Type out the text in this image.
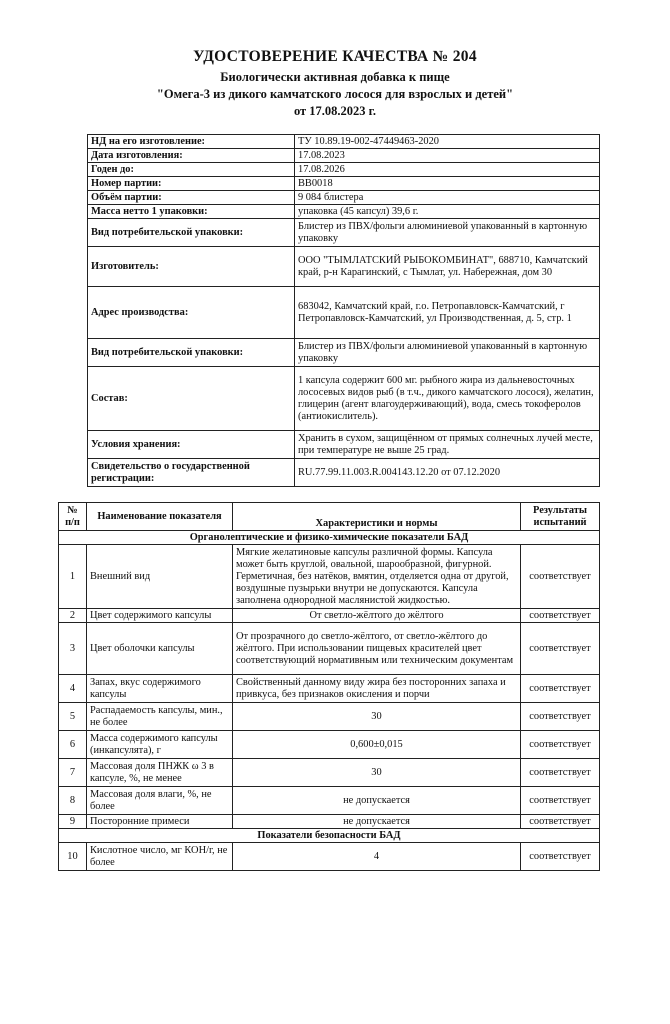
УДОСТОВЕРЕНИЕ КАЧЕСТВА № 204
Биологически активная добавка к пище
"Омега-3 из дикого камчатского лосося для взрослых и детей"
от 17.08.2023 г.
НД на его изготовление:	ТУ 10.89.19-002-47449463-2020
Дата изготовления:	17.08.2023
Годен до:	17.08.2026
Номер партии:	BB0018
Объём партии:	9 084 блистера
Масса нетто 1 упаковки:	упаковка (45 капсул) 39,6 г.
Вид потребительской упаковки:	Блистер из ПВХ/фольги алюминиевой упакованный в картонную упаковку
Изготовитель:	ООО "ТЫМЛАТСКИЙ РЫБОКОМБИНАТ", 688710, Камчатский край, р-н Карагинский, с Тымлат, ул. Набережная, дом 30
Адрес производства:	683042, Камчатский край, г.о. Петропавловск-Камчатский, г Петропавловск-Камчатский, ул Производственная, д. 5, стр. 1
Вид потребительской упаковки:	Блистер из ПВХ/фольги алюминиевой упакованный в картонную упаковку
Состав:	1 капсула содержит 600 мг. рыбного жира из дальневосточных лососевых видов рыб (в т.ч., дикого камчатского лосося), желатин, глицерин (агент влагоудерживающий), вода, смесь токоферолов (антиокислитель).
Условия хранения:	Хранить в сухом, защищённом от прямых солнечных лучей месте, при температуре не выше 25 град.
Свидетельство о государственной регистрации:	RU.77.99.11.003.R.004143.12.20 от 07.12.2020
№ п/п	Наименование показателя	Характеристики и нормы	Результаты испытаний
Органолептические и физико-химические показатели БАД			
1	Внешний вид	Мягкие желатиновые капсулы различной формы. Капсула может быть круглой, овальной, шарообразной, фигурной. Герметичная, без натёков, вмятин, отделяется одна от другой, воздушные пузырьки внутри не допускаются. Капсула заполнена однородной маслянистой жидкостью.	соответствует
2	Цвет содержимого капсулы	От светло-жёлтого до жёлтого	соответствует
3	Цвет оболочки капсулы	От прозрачного до светло-жёлтого, от светло-жёлтого до жёлтого. При использовании пищевых красителей цвет соответствующий нормативным или техническим документам	соответствует
4	Запах, вкус содержимого капсулы	Свойственный данному виду жира без посторонних запаха и привкуса, без признаков окисления и порчи	соответствует
5	Распадаемость капсулы, мин., не более	30	соответствует
6	Масса содержимого капсулы (инкапсулята), г	0,600±0,015	соответствует
7	Массовая доля ПНЖК ω 3 в капсуле, %, не менее	30	соответствует
8	Массовая доля влаги, %, не более	не допускается	соответствует
9	Посторонние примеси	не допускается	соответствует
Показатели безопасности БАД			
10	Кислотное число, мг КОН/г, не более	4	соответствует
